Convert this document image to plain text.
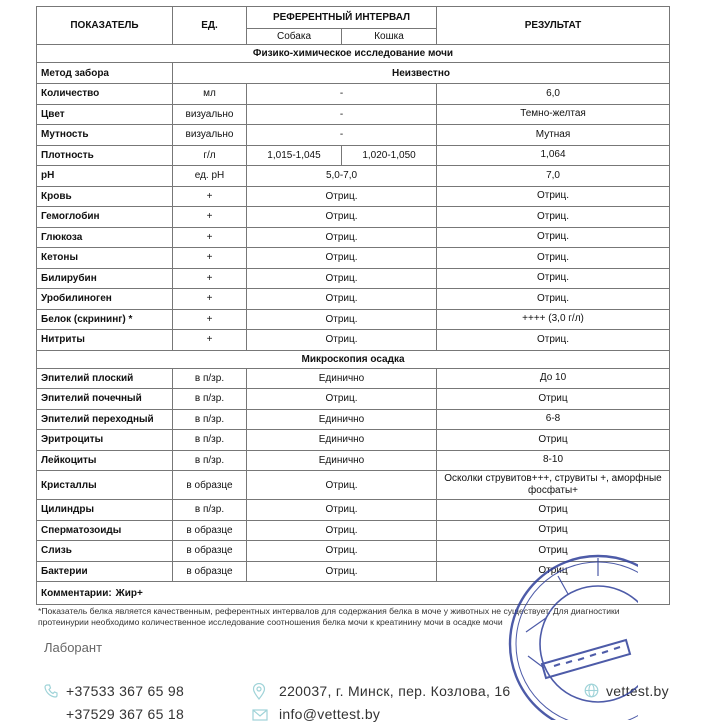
ПОКАЗАТЕЛЬ	ЕД.	РЕФЕРЕНТНЫЙ ИНТЕРВАЛ		РЕЗУЛЬТАТ
		Собака	Кошка	
Физико-химическое исследование мочи				
Метод забора	Неизвестно			
Количество	мл	-		6,0
Цвет	визуально	-		Темно-желтая
Мутность	визуально	-		Мутная
Плотность	г/л	1,015-1,045	1,020-1,050	1,064
pH	ед. pH	5,0-7,0		7,0
Кровь	+	Отриц.		Отриц.
Гемоглобин	+	Отриц.		Отриц.
Глюкоза	+	Отриц.		Отриц.
Кетоны	+	Отриц.		Отриц.
Билирубин	+	Отриц.		Отриц.
Уробилиноген	+	Отриц.		Отриц.
Белок (скрининг) *	+	Отриц.		++++ (3,0 г/л)
Нитриты	+	Отриц.		Отриц.
Микроскопия осадка				
Эпителий плоский	в п/зр.	Единично		До 10
Эпителий почечный	в п/зр.	Отриц.		Отриц
Эпителий переходный	в п/зр.	Единично		6-8
Эритроциты	в п/зр.	Единично		Отриц
Лейкоциты	в п/зр.	Единично		8-10
Кристаллы	в образце	Отриц.		Осколки струвитов+++, струвиты +, аморфные фосфаты+
Цилиндры	в п/зр.	Отриц.		Отриц
Сперматозоиды	в образце	Отриц.		Отриц
Слизь	в образце	Отриц.		Отриц
Бактерии	в образце	Отриц.		Отриц
Комментарии: Жир+				
*Показатель белка является качественным, референтных интервалов для содержания белка в моче у животных не существует. Для диагностики протеинурии необходимо количественное исследование соотношения белка мочи к креатинину мочи в осадке мочи
Лаборант
+37533 367 65 98
+37529 367 65 18
220037, г. Минск, пер. Козлова, 16
info@vettest.by
vettest.by
